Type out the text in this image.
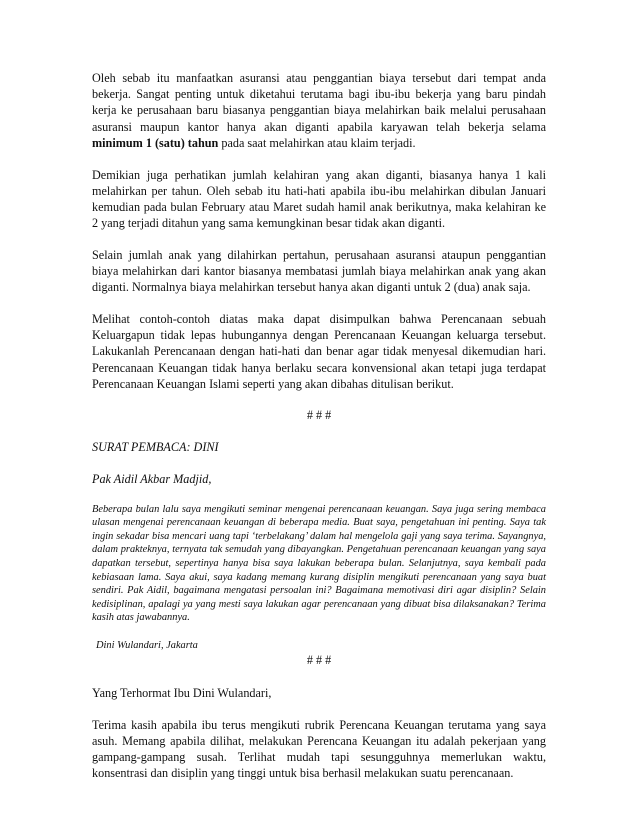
Oleh sebab itu manfaatkan asuransi atau penggantian biaya tersebut dari tempat anda bekerja. Sangat penting untuk diketahui terutama bagi ibu-ibu bekerja yang baru pindah kerja ke perusahaan baru biasanya penggantian biaya melahirkan baik melalui perusahaan asuransi maupun kantor hanya akan diganti apabila karyawan telah bekerja selama minimum 1 (satu) tahun pada saat melahirkan atau klaim terjadi.

Demikian juga perhatikan jumlah kelahiran yang akan diganti, biasanya hanya 1 kali melahirkan per tahun. Oleh sebab itu hati-hati apabila ibu-ibu melahirkan dibulan Januari kemudian pada bulan February atau Maret sudah hamil anak berikutnya, maka kelahiran ke 2 yang terjadi ditahun yang sama kemungkinan besar tidak akan diganti.

Selain jumlah anak yang dilahirkan pertahun, perusahaan asuransi ataupun penggantian biaya melahirkan dari kantor biasanya membatasi jumlah biaya melahirkan anak yang akan diganti. Normalnya biaya melahirkan tersebut hanya akan diganti untuk 2 (dua) anak saja.

Melihat contoh-contoh diatas maka dapat disimpulkan bahwa Perencanaan sebuah Keluargapun tidak lepas hubungannya dengan Perencanaan Keuangan keluarga tersebut. Lakukanlah Perencanaan dengan hati-hati dan benar agar tidak menyesal dikemudian hari. Perencanaan Keuangan tidak hanya berlaku secara konvensional akan tetapi juga terdapat Perencanaan Keuangan Islami seperti yang akan dibahas ditulisan berikut.

# # #

SURAT PEMBACA: DINI

Pak Aidil Akbar Madjid,

Beberapa bulan lalu saya mengikuti seminar mengenai perencanaan keuangan. Saya juga sering membaca ulasan mengenai perencanaan keuangan di beberapa media. Buat saya, pengetahuan ini penting. Saya tak ingin sekadar bisa mencari uang tapi ‘terbelakang’ dalam hal mengelola gaji yang saya terima. Sayangnya, dalam prakteknya, ternyata tak semudah yang dibayangkan. Pengetahuan perencanaan keuangan yang saya dapatkan tersebut, sepertinya hanya bisa saya lakukan beberapa bulan. Selanjutnya, saya kembali pada kebiasaan lama. Saya akui, saya kadang memang kurang disiplin mengikuti perencanaan yang saya buat sendiri. Pak Aidil, bagaimana mengatasi persoalan ini? Bagaimana memotivasi diri agar disiplin? Selain kedisiplinan, apalagi ya yang mesti saya lakukan agar perencanaan yang dibuat bisa dilaksanakan? Terima kasih atas jawabannya.

Dini Wulandari, Jakarta

# # #

Yang Terhormat Ibu Dini Wulandari,

Terima kasih apabila ibu terus mengikuti rubrik Perencana Keuangan terutama yang saya asuh. Memang apabila dilihat, melakukan Perencana Keuangan itu adalah pekerjaan yang gampang-gampang susah. Terlihat mudah tapi sesungguhnya memerlukan waktu, konsentrasi dan disiplin yang tinggi untuk bisa berhasil melakukan suatu perencanaan.
